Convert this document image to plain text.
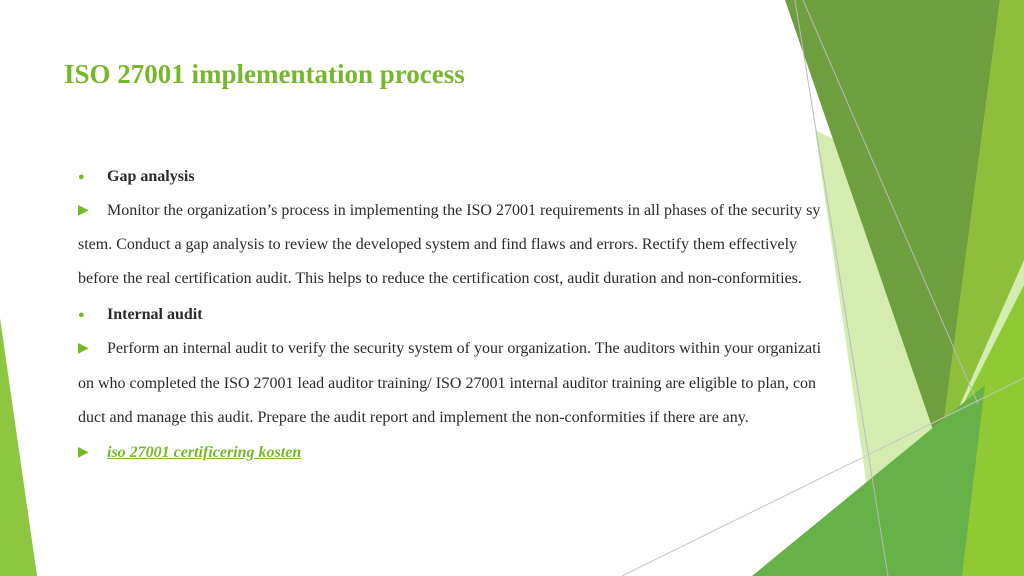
ISO 27001 implementation process
● Gap analysis
▶ Monitor the organization’s process in implementing the ISO 27001 requirements in all phases of the security sy
stem. Conduct a gap analysis to review the developed system and find flaws and errors. Rectify them effectively
before the real certification audit. This helps to reduce the certification cost, audit duration and non-conformities.
● Internal audit
▶ Perform an internal audit to verify the security system of your organization. The auditors within your organizati
on who completed the ISO 27001 lead auditor training/ ISO 27001 internal auditor training are eligible to plan, con
duct and manage this audit. Prepare the audit report and implement the non-conformities if there are any.
▶ iso 27001 certificering kosten
